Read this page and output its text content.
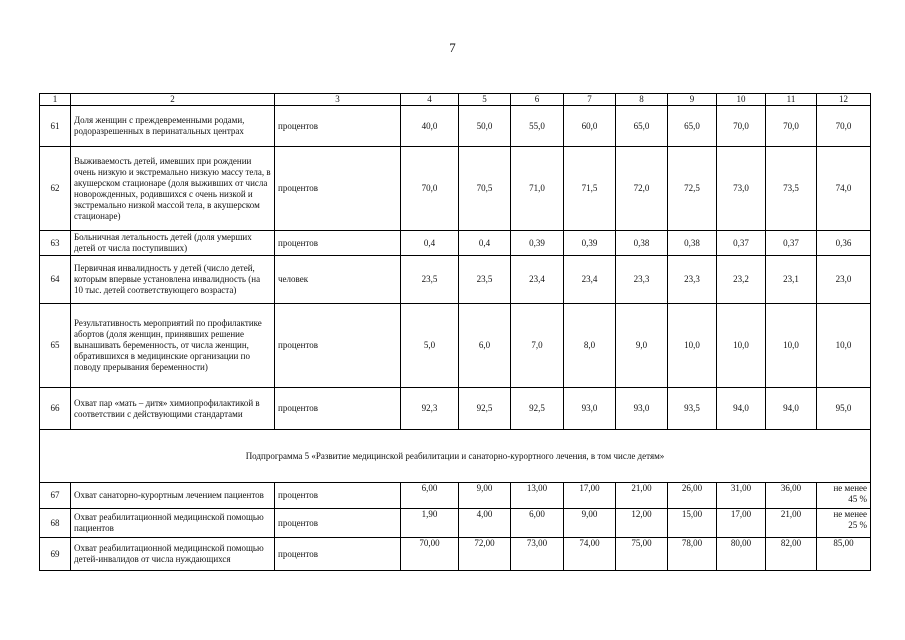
7
1	2	3	4	5	6	7	8	9	10	11	12
61	Доля женщин с преждевременными родами, родоразрешенных в перинатальных центрах	процентов	40,0	50,0	55,0	60,0	65,0	65,0	70,0	70,0	70,0
62	Выживаемость детей, имевших при рождении очень низкую и экстремально низкую массу тела, в акушерском стационаре (доля выживших от числа новорожденных, родившихся с очень низкой и экстремально низкой массой тела, в акушерском стационаре)	процентов	70,0	70,5	71,0	71,5	72,0	72,5	73,0	73,5	74,0
63	Больничная летальность детей (доля умерших детей от числа поступивших)	процентов	0,4	0,4	0,39	0,39	0,38	0,38	0,37	0,37	0,36
64	Первичная инвалидность у детей (число детей, которым впервые установлена инвалидность (на 10 тыс. детей соответствующего возраста)	человек	23,5	23,5	23,4	23,4	23,3	23,3	23,2	23,1	23,0
65	Результативность мероприятий по профилактике абортов (доля женщин, принявших решение вынашивать беременность, от числа женщин, обратившихся в медицинские организации по поводу прерывания беременности)	процентов	5,0	6,0	7,0	8,0	9,0	10,0	10,0	10,0	10,0
66	Охват пар «мать – дитя» химиопрофилактикой в соответствии с действующими стандартами	процентов	92,3	92,5	92,5	93,0	93,0	93,5	94,0	94,0	95,0
Подпрограмма 5 «Развитие медицинской реабилитации и санаторно-курортного лечения, в том числе детям»											
67	Охват санаторно-курортным лечением пациентов	процентов	6,00	9,00	13,00	17,00	21,00	26,00	31,00	36,00	не менее
45 %

68	Охват реабилитационной медицинской помощью пациентов	процентов	1,90	4,00	6,00	9,00	12,00	15,00	17,00	21,00	не менее
25 %

69	Охват реабилитационной медицинской помощью детей-инвалидов от числа нуждающихся	процентов	70,00	72,00	73,00	74,00	75,00	78,00	80,00	82,00	85,00
